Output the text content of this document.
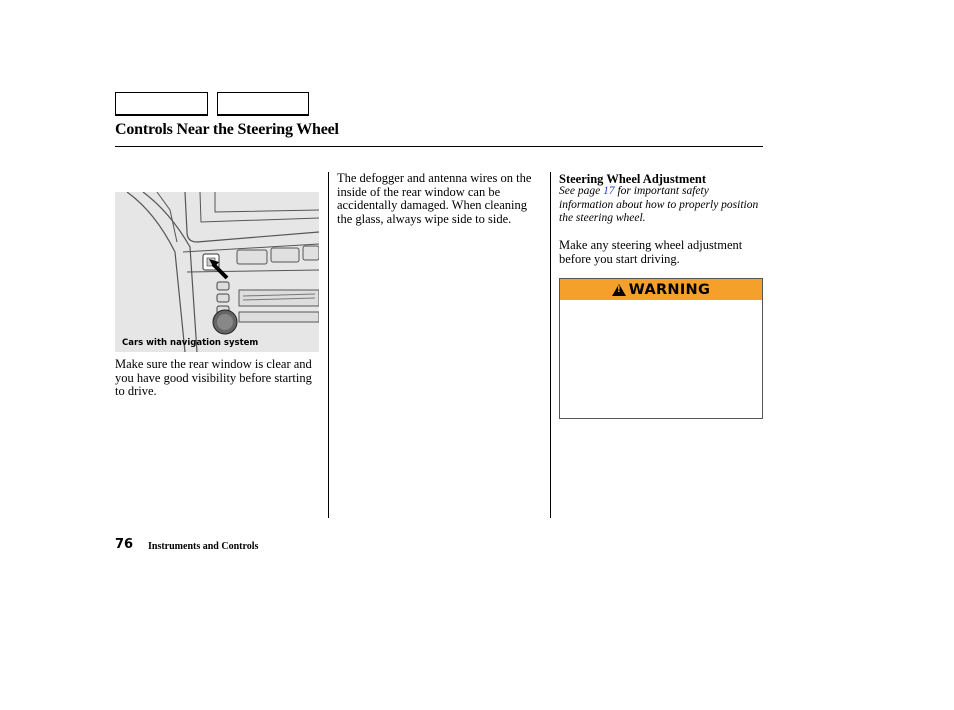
Controls Near the Steering Wheel
Cars with navigation system
Make sure the rear window is clear and you have good visibility before starting to drive.
The defogger and antenna wires on the inside of the rear window can be accidentally damaged. When cleaning the glass, always wipe side to side.
Steering Wheel Adjustment
See page 17 for important safety information about how to properly position the steering wheel.
Make any steering wheel adjustment before you start driving.
!
WARNING
76 Instruments and Controls
